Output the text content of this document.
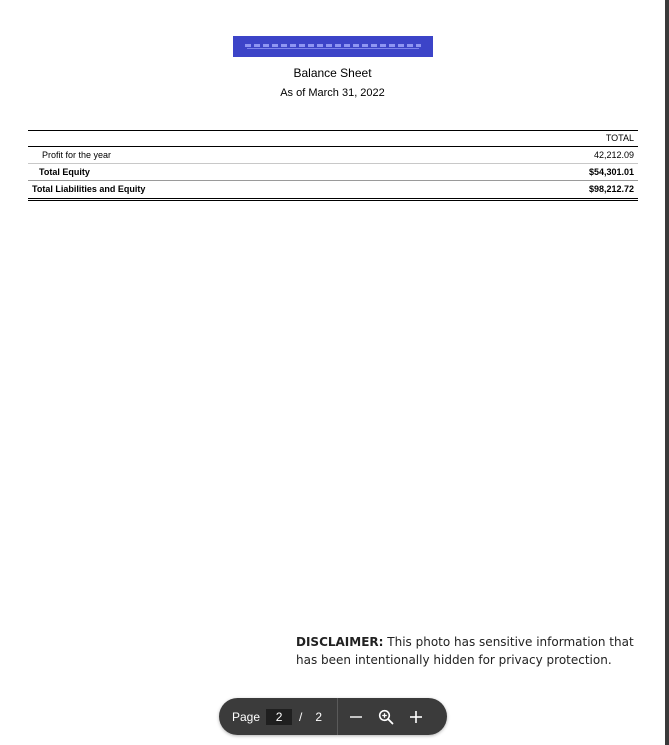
Balance Sheet
As of March 31, 2022
TOTAL
Profit for the year	42,212.09
Total Equity	$54,301.01
Total Liabilities and Equity	$98,212.72
DISCLAIMER: This photo has sensitive information that has been intentionally hidden for privacy protection.
Page	2	/ 2
